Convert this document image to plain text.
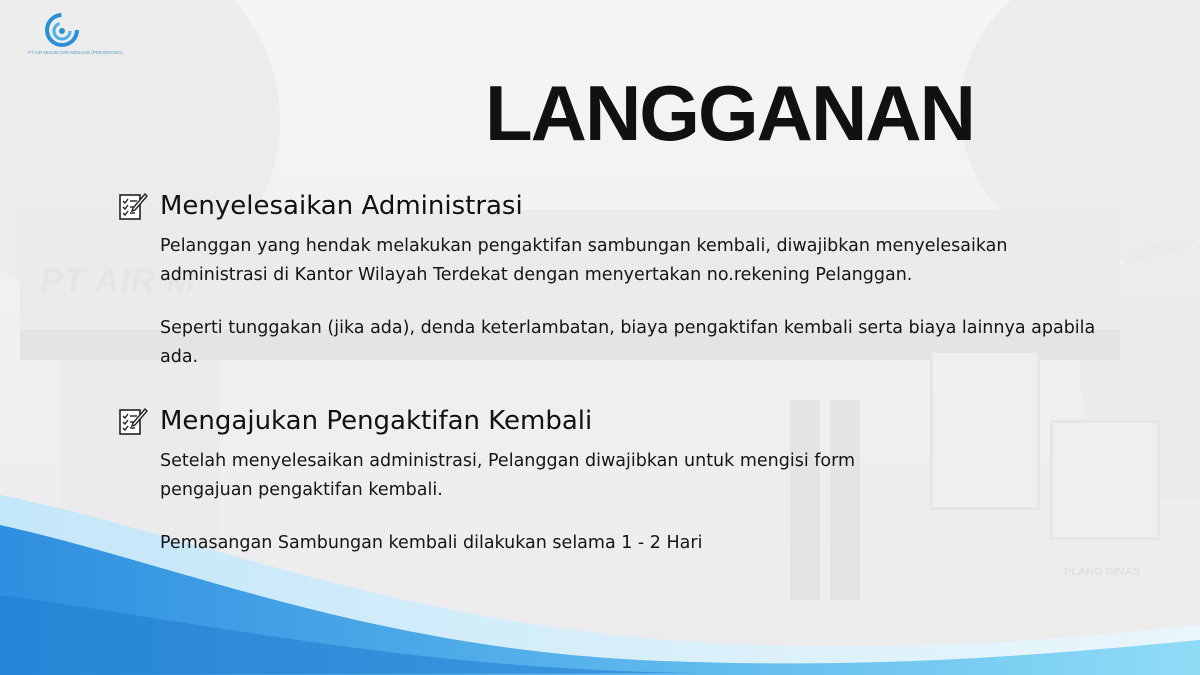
PT AIR MINUM GIRI MENANG (PERSERODA)
LANGGANAN
Menyelesaikan Administrasi

Pelanggan yang hendak melakukan pengaktifan sambungan kembali, diwajibkan menyelesaikan administrasi di Kantor Wilayah Terdekat dengan menyertakan no.rekening Pelanggan.

Seperti tunggakan (jika ada), denda keterlambatan, biaya pengaktifan kembali serta biaya lainnya apabila ada.

Mengajukan Pengaktifan Kembali

Setelah menyelesaikan administrasi, Pelanggan diwajibkan untuk mengisi form pengajuan pengaktifan kembali.

Pemasangan Sambungan kembali dilakukan selama 1 - 2 Hari
